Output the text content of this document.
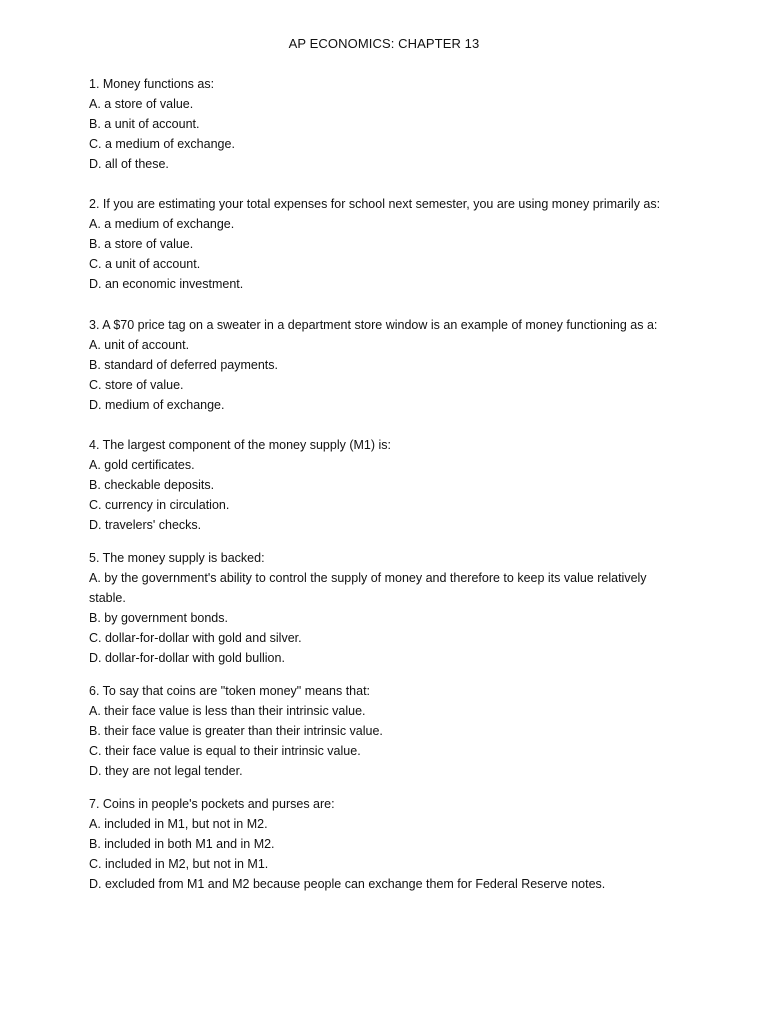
AP ECONOMICS: CHAPTER 13
1. Money functions as:
A. a store of value.
B. a unit of account.
C. a medium of exchange.
D. all of these.
2. If you are estimating your total expenses for school next semester, you are using money primarily as:
A. a medium of exchange.
B. a store of value.
C. a unit of account.
D. an economic investment.
3. A $70 price tag on a sweater in a department store window is an example of money functioning as a:
A. unit of account.
B. standard of deferred payments.
C. store of value.
D. medium of exchange.
4. The largest component of the money supply (M1) is:
A. gold certificates.
B. checkable deposits.
C. currency in circulation.
D. travelers' checks.
5. The money supply is backed:
A. by the government's ability to control the supply of money and therefore to keep its value relatively stable.
B. by government bonds.
C. dollar-for-dollar with gold and silver.
D. dollar-for-dollar with gold bullion.
6. To say that coins are "token money" means that:
A. their face value is less than their intrinsic value.
B. their face value is greater than their intrinsic value.
C. their face value is equal to their intrinsic value.
D. they are not legal tender.
7. Coins in people's pockets and purses are:
A. included in M1, but not in M2.
B. included in both M1 and in M2.
C. included in M2, but not in M1.
D. excluded from M1 and M2 because people can exchange them for Federal Reserve notes.
